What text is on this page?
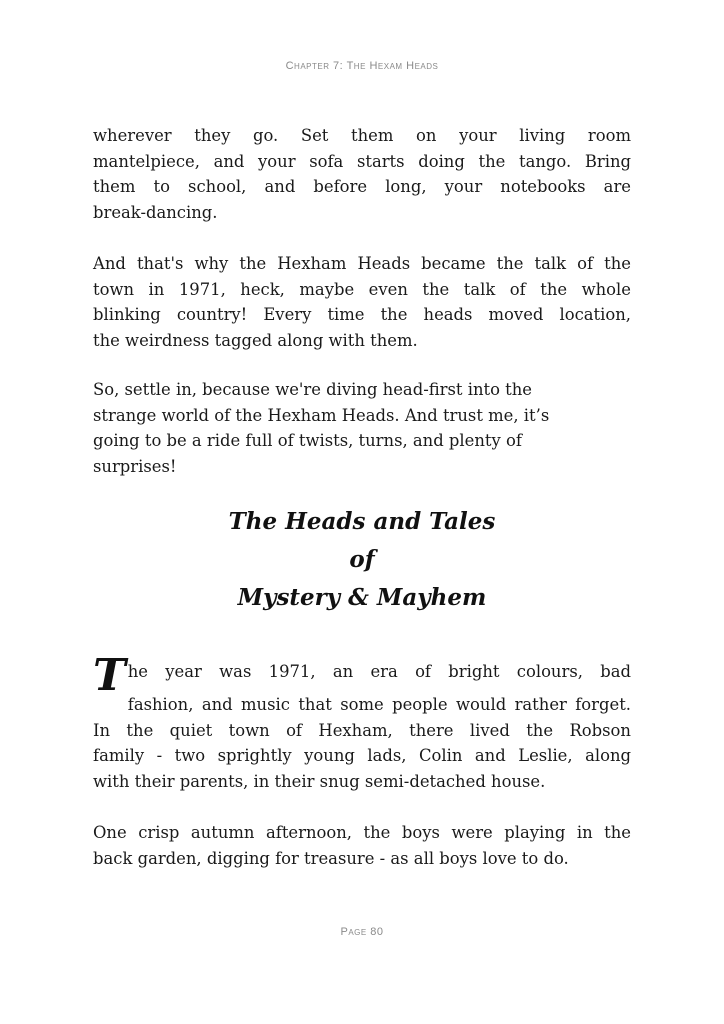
Chapter 7: The Hexam Heads
wherever they go. Set them on your living room
mantelpiece, and your sofa starts doing the tango. Bring
them to school, and before long, your notebooks are
break-dancing.
And that's why the Hexham Heads became the talk of the
town in 1971, heck, maybe even the talk of the whole
blinking country! Every time the heads moved location,
the weirdness tagged along with them.
So, settle in, because we're diving head-first into the
strange world of the Hexham Heads. And trust me, it’s
going to be a ride full of twists, turns, and plenty of
surprises!
The Heads and Tales
of
Mystery & Mayhem
The year was 1971, an era of bright colours, bad
fashion, and music that some people would rather forget.
In the quiet town of Hexham, there lived the Robson
family - two sprightly young lads, Colin and Leslie, along
with their parents, in their snug semi-detached house.
One crisp autumn afternoon, the boys were playing in the
back garden, digging for treasure - as all boys love to do.
Page 80
